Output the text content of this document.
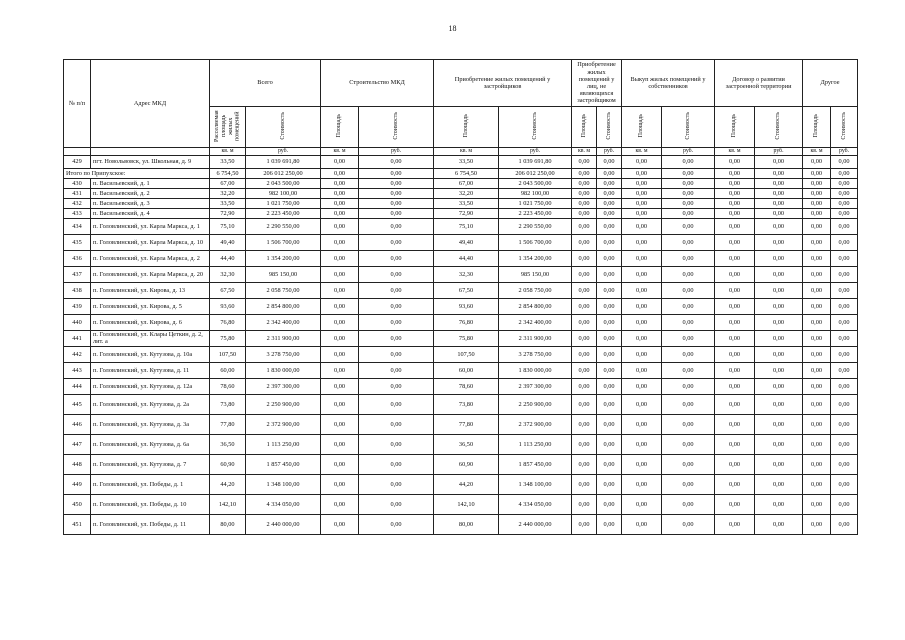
18
№ п/п	Адрес МКД	Всего		Строительство МКД		Приобретение жилых помещений у застройщиков		Приобретение жилых помещений у лиц, не являющихся застройщиком		Выкуп жилых помещений у собственников		Договор о развитии застроенной территории		Другое	
		Расселяемая площадь жилых помещений	Стоимость	Площадь	Стоимость	Площадь	Стоимость	Площадь	Стоимость	Площадь	Стоимость	Площадь	Стоимость	Площадь	Стоимость
		кв. м	руб.	кв. м	руб.	кв. м	руб.	кв. м	руб.	кв. м	руб.	кв. м	руб.	кв. м	руб.
429	пгт. Новольвовск, ул. Школьная, д. 9	33,50	1 039 691,80	0,00	0,00	33,50	1 039 691,80	0,00	0,00	0,00	0,00	0,00	0,00	0,00	0,00
Итого по Припухское:		6 754,50	206 012 250,00	0,00	0,00	6 754,50	206 012 250,00	0,00	0,00	0,00	0,00	0,00	0,00	0,00	0,00
430	п. Васильевский, д. 1	67,00	2 043 500,00	0,00	0,00	67,00	2 043 500,00	0,00	0,00	0,00	0,00	0,00	0,00	0,00	0,00
431	п. Васильевский, д. 2	32,20	982 100,00	0,00	0,00	32,20	982 100,00	0,00	0,00	0,00	0,00	0,00	0,00	0,00	0,00
432	п. Васильевский, д. 3	33,50	1 021 750,00	0,00	0,00	33,50	1 021 750,00	0,00	0,00	0,00	0,00	0,00	0,00	0,00	0,00
433	п. Васильевский, д. 4	72,90	2 223 450,00	0,00	0,00	72,90	2 223 450,00	0,00	0,00	0,00	0,00	0,00	0,00	0,00	0,00
434	п. Головлинский, ул. Карла Маркса, д. 1	75,10	2 290 550,00	0,00	0,00	75,10	2 290 550,00	0,00	0,00	0,00	0,00	0,00	0,00	0,00	0,00
435	п. Головлинский, ул. Карла Маркса, д. 10	49,40	1 506 700,00	0,00	0,00	49,40	1 506 700,00	0,00	0,00	0,00	0,00	0,00	0,00	0,00	0,00
436	п. Головлинский, ул. Карла Маркса, д. 2	44,40	1 354 200,00	0,00	0,00	44,40	1 354 200,00	0,00	0,00	0,00	0,00	0,00	0,00	0,00	0,00
437	п. Головлинский, ул. Карла Маркса, д. 20	32,30	985 150,00	0,00	0,00	32,30	985 150,00	0,00	0,00	0,00	0,00	0,00	0,00	0,00	0,00
438	п. Головлинский, ул. Кирова, д. 13	67,50	2 058 750,00	0,00	0,00	67,50	2 058 750,00	0,00	0,00	0,00	0,00	0,00	0,00	0,00	0,00
439	п. Головлинский, ул. Кирова, д. 5	93,60	2 854 800,00	0,00	0,00	93,60	2 854 800,00	0,00	0,00	0,00	0,00	0,00	0,00	0,00	0,00
440	п. Головлинский, ул. Кирова, д. 6	76,80	2 342 400,00	0,00	0,00	76,80	2 342 400,00	0,00	0,00	0,00	0,00	0,00	0,00	0,00	0,00
441	п. Головлинский, ул. Клары Цеткин, д. 2, лит. а	75,80	2 311 900,00	0,00	0,00	75,80	2 311 900,00	0,00	0,00	0,00	0,00	0,00	0,00	0,00	0,00
442	п. Головлинский, ул. Кутузова, д. 10а	107,50	3 278 750,00	0,00	0,00	107,50	3 278 750,00	0,00	0,00	0,00	0,00	0,00	0,00	0,00	0,00
443	п. Головлинский, ул. Кутузова, д. 11	60,00	1 830 000,00	0,00	0,00	60,00	1 830 000,00	0,00	0,00	0,00	0,00	0,00	0,00	0,00	0,00
444	п. Головлинский, ул. Кутузова, д. 12а	78,60	2 397 300,00	0,00	0,00	78,60	2 397 300,00	0,00	0,00	0,00	0,00	0,00	0,00	0,00	0,00
445	п. Головлинский, ул. Кутузова, д. 2а	73,80	2 250 900,00	0,00	0,00	73,80	2 250 900,00	0,00	0,00	0,00	0,00	0,00	0,00	0,00	0,00
446	п. Головлинский, ул. Кутузова, д. 3а	77,80	2 372 900,00	0,00	0,00	77,80	2 372 900,00	0,00	0,00	0,00	0,00	0,00	0,00	0,00	0,00
447	п. Головлинский, ул. Кутузова, д. 6а	36,50	1 113 250,00	0,00	0,00	36,50	1 113 250,00	0,00	0,00	0,00	0,00	0,00	0,00	0,00	0,00
448	п. Головлинский, ул. Кутузова, д. 7	60,90	1 857 450,00	0,00	0,00	60,90	1 857 450,00	0,00	0,00	0,00	0,00	0,00	0,00	0,00	0,00
449	п. Головлинский, ул. Победы, д. 1	44,20	1 348 100,00	0,00	0,00	44,20	1 348 100,00	0,00	0,00	0,00	0,00	0,00	0,00	0,00	0,00
450	п. Головлинский, ул. Победы, д. 10	142,10	4 334 050,00	0,00	0,00	142,10	4 334 050,00	0,00	0,00	0,00	0,00	0,00	0,00	0,00	0,00
451	п. Головлинский, ул. Победы, д. 11	80,00	2 440 000,00	0,00	0,00	80,00	2 440 000,00	0,00	0,00	0,00	0,00	0,00	0,00	0,00	0,00
